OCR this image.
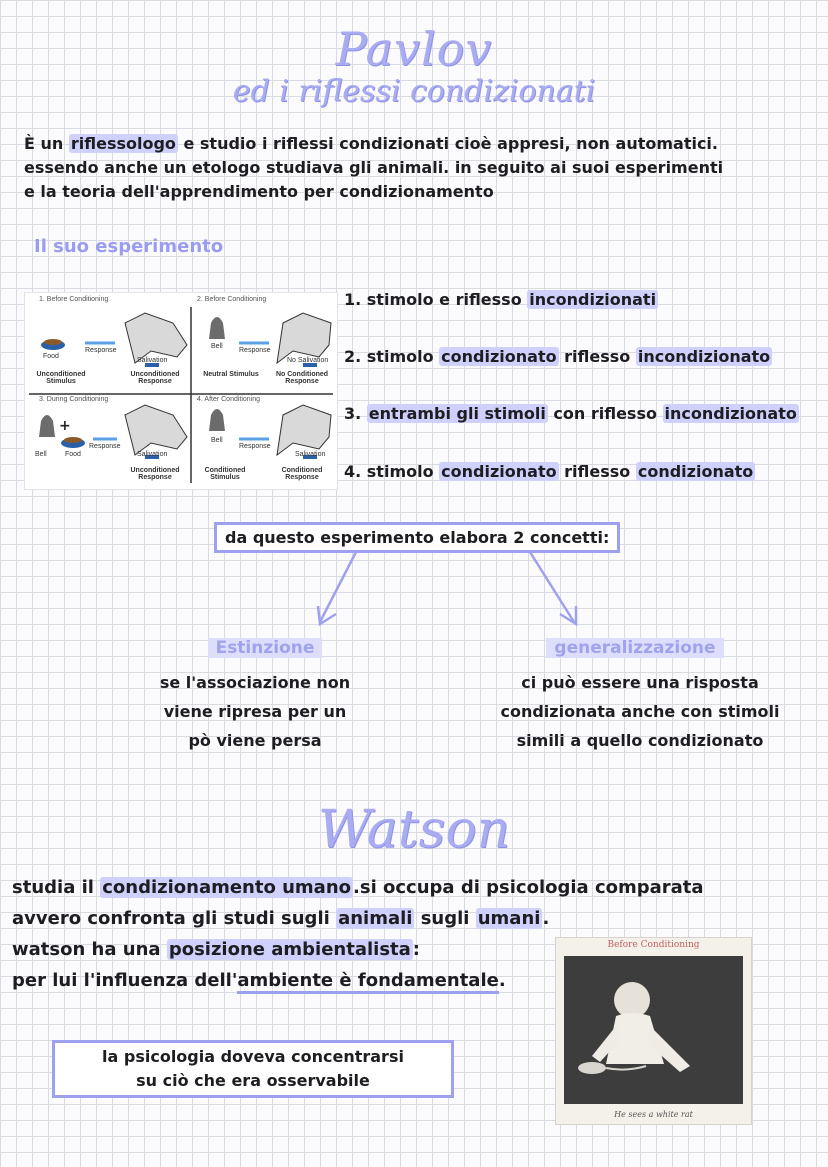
Pavlov
ed i riflessi condizionati
È un riflessologo e studio i riflessi condizionati cioè appresi, non automatici.
essendo anche un etologo studiava gli animali. in seguito ai suoi esperimenti
e la teoria dell'apprendimento per condizionamento
Il suo esperimento
+
1. Before Conditioning	2. Before Conditioning
3. During Conditioning	4. After Conditioning
Response	Response
Response	Response
Food
Food
Bell
Bell
Bell
Salivation	No Salivation
Salivation	Salivation
Unconditioned Stimulus
Unconditioned Response
Neutral Stimulus	No Conditioned Response
Unconditioned Response
Conditioned Stimulus
Conditioned Response
1. stimolo e riflesso incondizionati
2. stimolo condizionato riflesso incondizionato
3. entrambi gli stimoli con riflesso incondizionato
4. stimolo condizionato riflesso condizionato
da questo esperimento elabora 2 concetti:
Estinzione
se l'associazione non
viene ripresa per un
pò viene persa
generalizzazione
ci può essere una risposta
condizionata anche con stimoli
simili a quello condizionato
Watson
studia il condizionamento umano .si occupa di psicologia comparata
avvero confronta gli studi sugli animali sugli umani .
watson ha una posizione ambientalista :
per lui l'influenza dell'ambiente è fondamentale.
la psicologia doveva concentrarsi
su ciò che era osservabile
Before Conditioning
He sees a white rat
